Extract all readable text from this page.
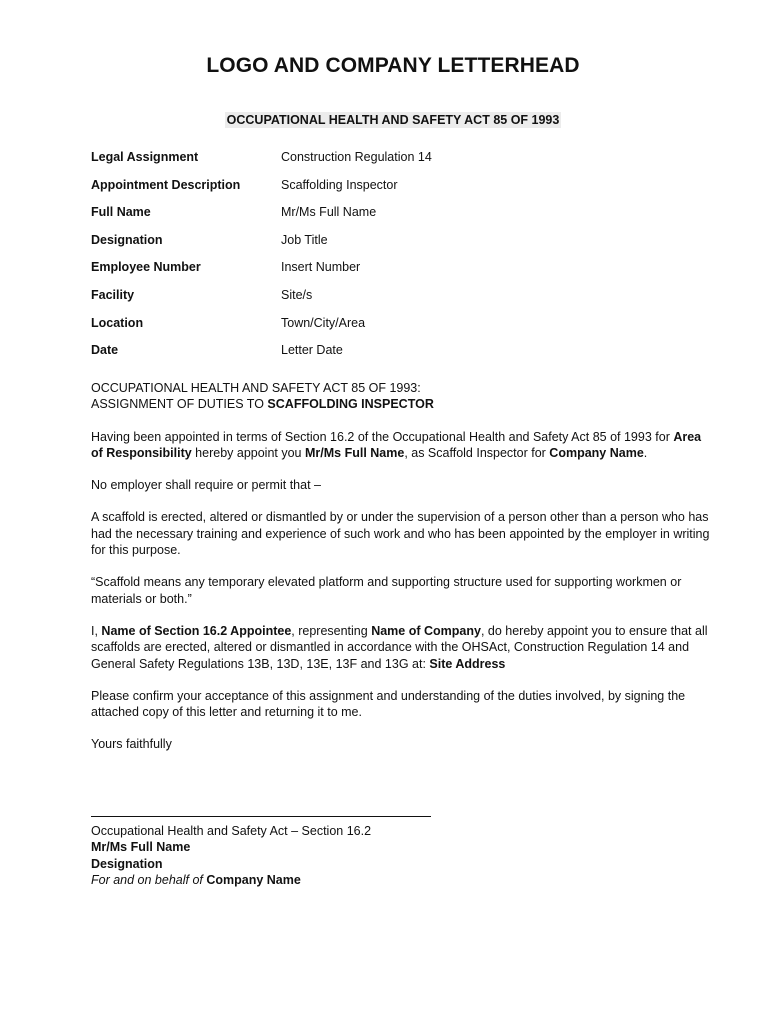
LOGO AND COMPANY LETTERHEAD
OCCUPATIONAL HEALTH AND SAFETY ACT 85 OF 1993
Legal Assignment	Construction Regulation 14
Appointment Description	Scaffolding Inspector
Full Name	Mr/Ms Full Name
Designation	Job Title
Employee Number	Insert Number
Facility	Site/s
Location	Town/City/Area
Date	Letter Date

OCCUPATIONAL HEALTH AND SAFETY ACT 85 OF 1993:
ASSIGNMENT OF DUTIES TO SCAFFOLDING INSPECTOR

Having been appointed in terms of Section 16.2 of the Occupational Health and Safety Act 85 of 1993 for Area of Responsibility hereby appoint you Mr/Ms Full Name, as Scaffold Inspector for Company Name.

No employer shall require or permit that –

A scaffold is erected, altered or dismantled by or under the supervision of a person other than a person who has had the necessary training and experience of such work and who has been appointed by the employer in writing for this purpose.

“Scaffold means any temporary elevated platform and supporting structure used for supporting workmen or materials or both.”

I, Name of Section 16.2 Appointee, representing Name of Company, do hereby appoint you to ensure that all scaffolds are erected, altered or dismantled in accordance with the OHSAct, Construction Regulation 14 and General Safety Regulations 13B, 13D, 13E, 13F and 13G at: Site Address

Please confirm your acceptance of this assignment and understanding of the duties involved, by signing the attached copy of this letter and returning it to me.

Yours faithfully

Occupational Health and Safety Act – Section 16.2
Mr/Ms Full Name
Designation
For and on behalf of Company Name
